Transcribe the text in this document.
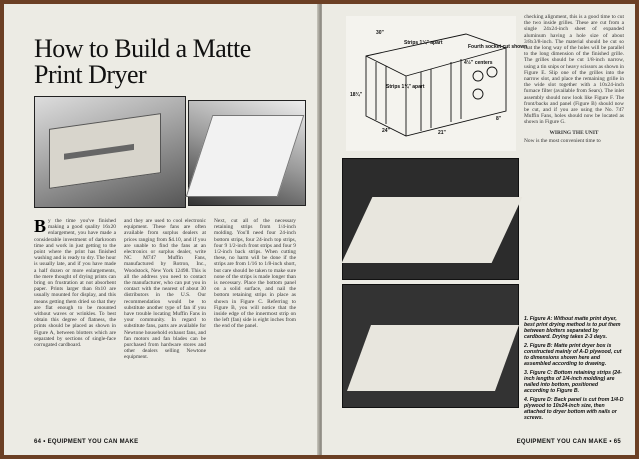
How to Build a Matte Print Dryer
B y the time you've finished making a good quality 16x20 enlargement, you have made a considerable investment of darkroom time and work in just getting to the point where the print has finished washing and is ready to dry. The hour is usually late, and if you have made a half dozen or more enlargements, the mere thought of drying prints can bring on frustration at not absorbent paper. Prints larger than 8x10 are usually mounted for display, and this means getting them dried so that they are flat enough to be mounted without waves or wrinkles. To best obtain this degree of flatness, the prints should be placed as shown in Figure A, between blotters which are separated by sections of single-face corrugated cardboard.
and they are used to cool electronic equipment. These fans are often available from surplus dealers at prices ranging from $4.10, and if you are unable to find the fans at an electronics or surplus dealer, write NC M747 Muffin Fans, manufactured by Rotron, Inc., Woodstock, New York 12498. This is all the address you need to contact the manufacturer, who can put you in contact with the nearest of about 30 distributors in the U.S. Our recommendation would be to substitute another type of fan if you have trouble locating Muffin Fans in your community. In regard to substitute fans, parts are available for Newtone household exhaust fans, and fan motors and fan blades can be purchased from hardware stores and other dealers selling Newtone equipment.
Next, cut all of the necessary retaining strips from 1/4-inch molding. You'll need four 24-inch bottom strips, four 24-inch top strips, four 9 1/2-inch front strips and four 9 1/2-inch back strips. When cutting these, no harm will be done if the strips are from 1/16 to 1/8-inch short, but care should be taken to make sure none of the strips is made longer than is necessary. Place the bottom panel on a solid surface, and nail the bottom retaining strips in place as shown in Figure C. Referring to Figure B, you will notice that the inside edge of the innermost strip on the left (fan) side is eight inches from the end of the panel.
64 • EQUIPMENT YOU CAN MAKE
30"
Strips 1¼" apart
Strips 1¼" apart
Fourth socket cut shown
18¾"
24"	21"
4½" centers
8"
checking alignment, this is a good time to cut the two inside grilles. These are cut from a single 24x24-inch sheet of expanded aluminum having a hole size of about 3/8x3/8-inch. The material should be cut so that the long way of the holes will be parallel to the long dimension of the finished grille. The grilles should be cut 1/8-inch narrow, using a tin snips or heavy scissors as shown in Figure E. Slip one of the grilles into the narrow slot, and place the remaining grille in the wide slot together with a 10x24-inch furnace filter (available from Sears). The inlet assembly should now look like Figure F. The front/backs and panel (Figure B) should now be cut, and if you are using the No. 747 Muffin Fans, holes should now be located as shown in Figure G.
WIRING THE UNIT
Now is the most convenient time to

1. Figure A: Without matte print dryer, best print drying method is to put them between blotters separated by cardboard. Drying takes 2-3 days.

2. Figure B: Matte print dryer box is constructed mainly of A-D plywood, cut to dimensions shown here and assembled according to drawing.

3. Figure C: Bottom retaining strips (24-inch lengths of 1/4-inch molding) are nailed into bottom, positioned according to Figure B.

4. Figure D: Back panel is cut from 1/4-D plywood to 10x24-inch size, then attached to dryer bottom with nails or screws.

EQUIPMENT YOU CAN MAKE • 65
